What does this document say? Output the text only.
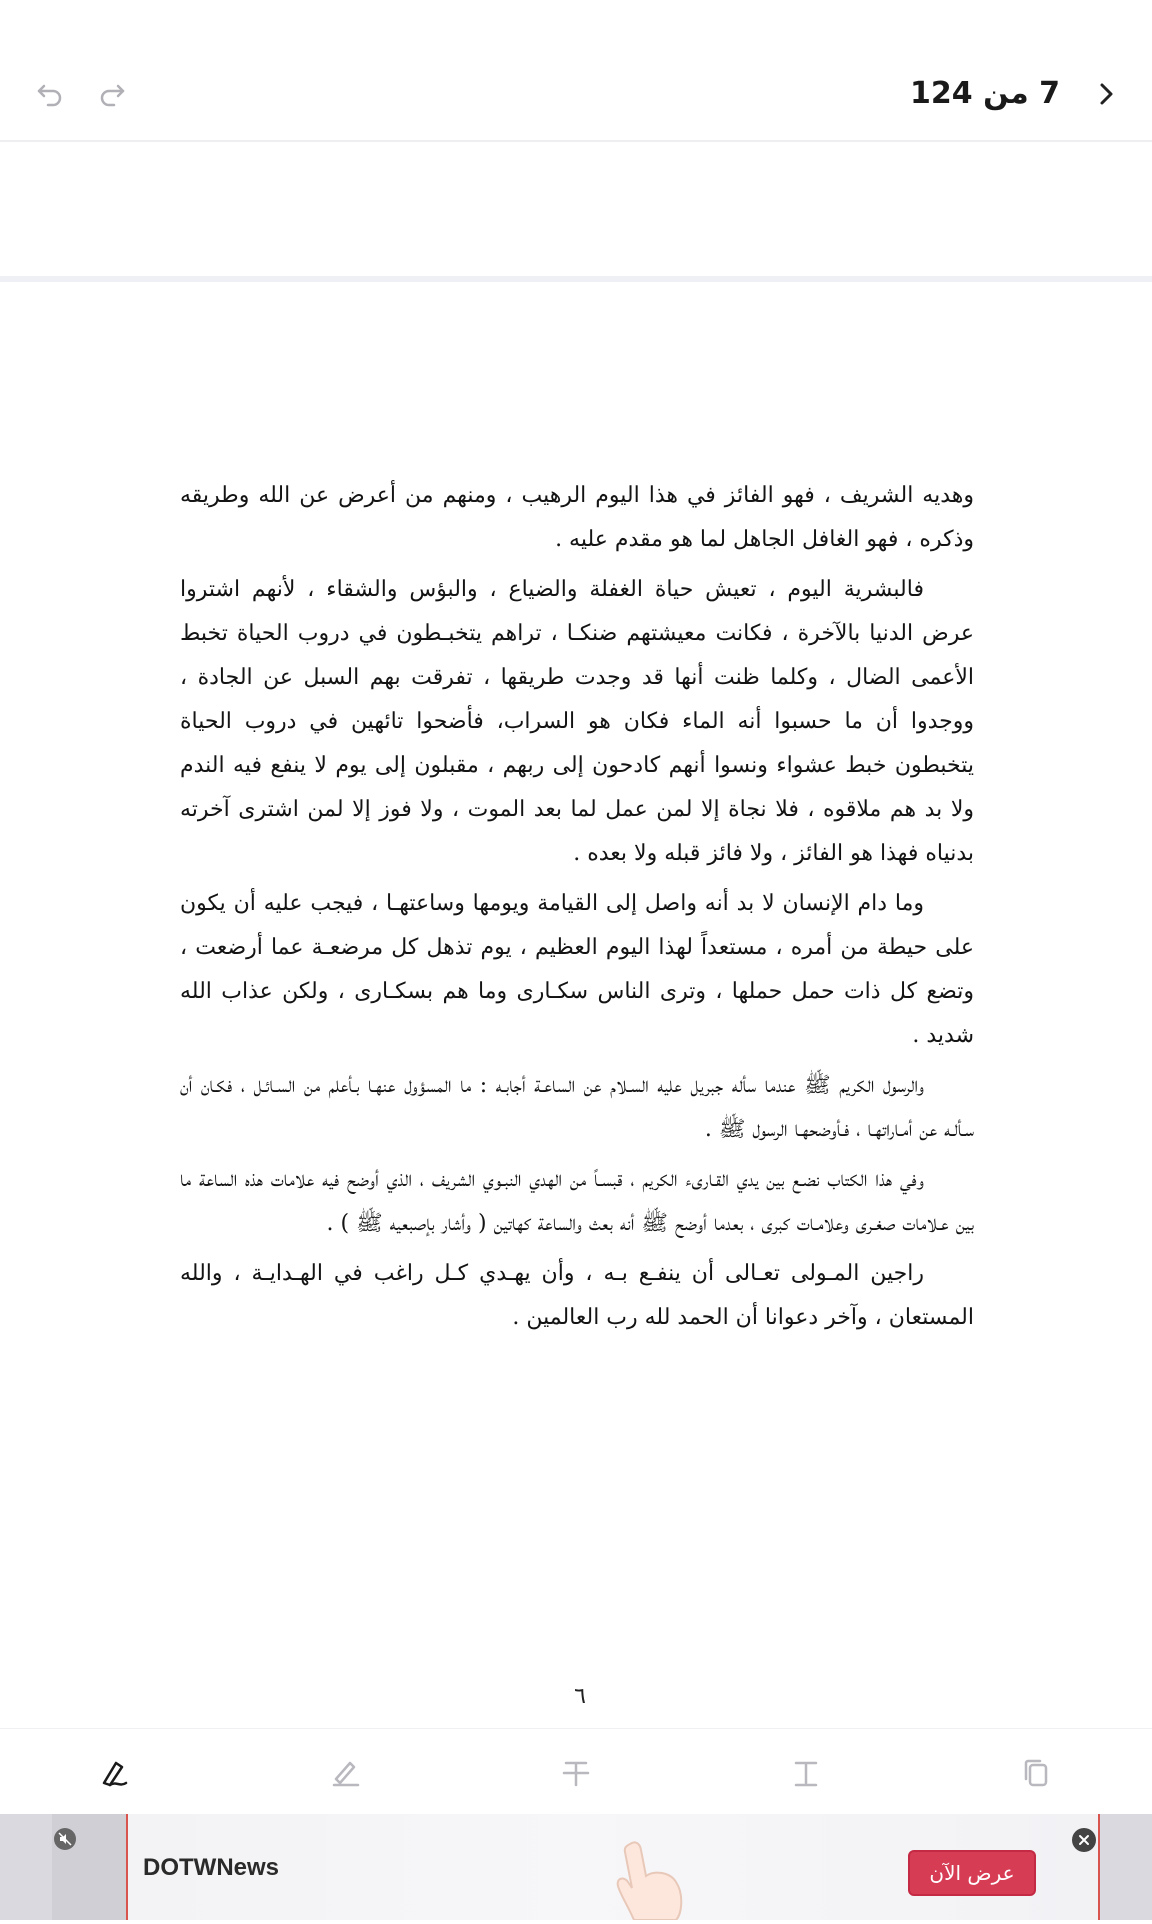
7 من 124

وهديه الشريف ، فهو الفائز في هذا اليوم الرهيب ، ومنهم من أعرض عن الله وطريقه وذكره ، فهو الغافل الجاهل لما هو مقدم عليه .

فالبشرية اليوم ، تعيش حياة الغفلة والضياع ، والبؤس والشقاء ، لأنهم اشتروا عرض الدنيا بالآخرة ، فكانت معيشتهم ضنكـا ، تراهم يتخبـطون في دروب الحياة تخبط الأعمى الضال ، وكلما ظنت أنها قد وجدت طريقها ، تفرقت بهم السبل عن الجادة ، ووجدوا أن ما حسبوا أنه الماء فكان هو السراب، فأضحوا تائهين في دروب الحياة يتخبطون خبط عشواء ونسوا أنهم كادحون إلى ربهم ، مقبلون إلى يوم لا ينفع فيه الندم ولا بد هم ملاقوه ، فلا نجاة إلا لمن عمل لما بعد الموت ، ولا فوز إلا لمن اشترى آخرته بدنياه فهذا هو الفائز ، ولا فائز قبله ولا بعده .

وما دام الإنسان لا بد أنه واصل إلى القيامة ويومها وساعتهـا ، فيجب عليه أن يكون على حيطة من أمره ، مستعداً لهذا اليوم العظيم ، يوم تذهل كل مرضعـة عما أرضعت ، وتضع كل ذات حمل حملها ، وترى الناس سكـارى وما هم بسكـارى ، ولكن عذاب الله شديد .

والرسول الكريم ﷺ عندما سأله جبريل عليه السـلام عن الساعـة أجابـه : ما المسؤول عنهـا بـأعلم من السـائـل ، فكـان أن سـألـه عن أمـاراتهـا ، فـأوضحهـا الرسول ﷺ .

وفي هذا الكتاب نضـع بين يدي القـارىء الكريم ، قبسـاً من الهدي النبـوي الشريف ، الذي أوضح فيه علامات هذه الساعة ما بين عـلامات صغـرى وعلامـات كبرى ، بعدما أوضح ﷺ أنه بعث والساعة كهاتين ( وأشار بإصبعيه ﷺ ) .

راجين المـولى تعـالى أن ينفـع بـه ، وأن يهـدي كـل راغب في الهـدايـة ، والله المستعان ، وآخر دعوانا أن الحمد لله رب العالمين .

٦
DOTWNews	عرض الآن
